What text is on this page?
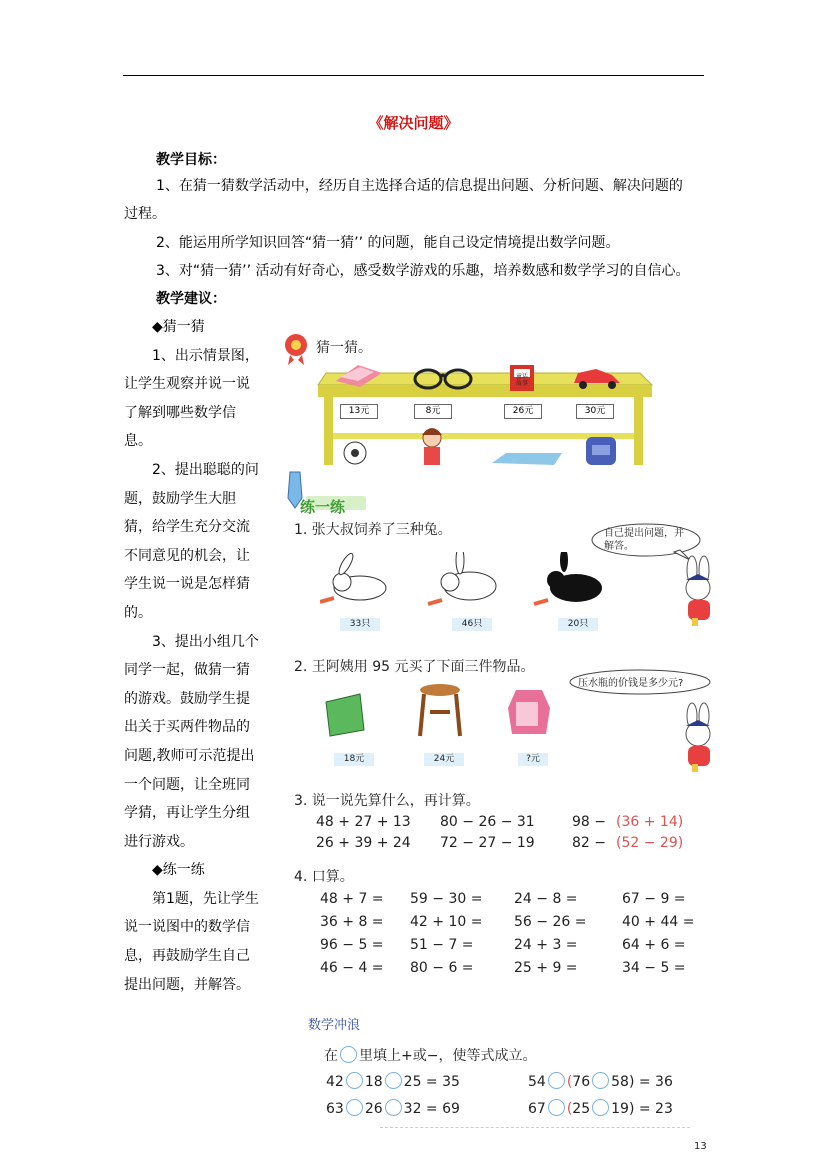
《解决问题》
教学目标：
1、在猜一猜数学活动中，经历自主选择合适的信息提出问题、分析问题、解决问题的
过程。
2、能运用所学知识回答“猜一猜’’ 的问题，能自己设定情境提出数学问题。
3、对“猜一猜’’ 活动有好奇心，感受数学游戏的乐趣，培养数感和数学学习的自信心。
教学建议：

◆猜一猜

1、出示情景图，让学生观察并说一说了解到哪些数学信息。

2、提出聪聪的问题，鼓励学生大胆猜，给学生充分交流不同意见的机会，让学生说一说是怎样猜的。

3、提出小组几个同学一起，做猜一猜的游戏。鼓励学生提出关于买两件物品的问题,教师可示范提出一个问题，让全班同学猜，再让学生分组进行游戏。

◆练一练

第1题，先让学生说一说图中的数学信息，再鼓励学生自己提出问题，并解答。

猜一猜。
童话故事
13元	8元	26元	30元
练一练
1. 张大叔饲养了三种兔。	自己提出问题，并解答。
33只	46只	20只
2. 王阿姨用 95 元买了下面三件物品。
压水瓶的价钱是多少元?
18元	24元	?元
3. 说一说先算什么，再计算。
48 + 27 + 13 80 − 26 − 31	98 − (36 + 14)
26 + 39 + 24 72 − 27 − 19	82 − (52 − 29)
4. 口算。
48 + 7 = 59 − 30 = 24 − 8 =	67 − 9 =
36 + 8 = 42 + 10 = 56 − 26 =	40 + 44 =
96 − 5 = 51 − 7 =	24 + 3 =	64 + 6 =
46 − 4 = 80 − 6 =	25 + 9 =	34 − 5 =
数学冲浪
在 里填上+或−，使等式成立。
42 18 25 = 35	54 (76 58) = 36
63 26 32 = 69	67 (25 19) = 23
13
